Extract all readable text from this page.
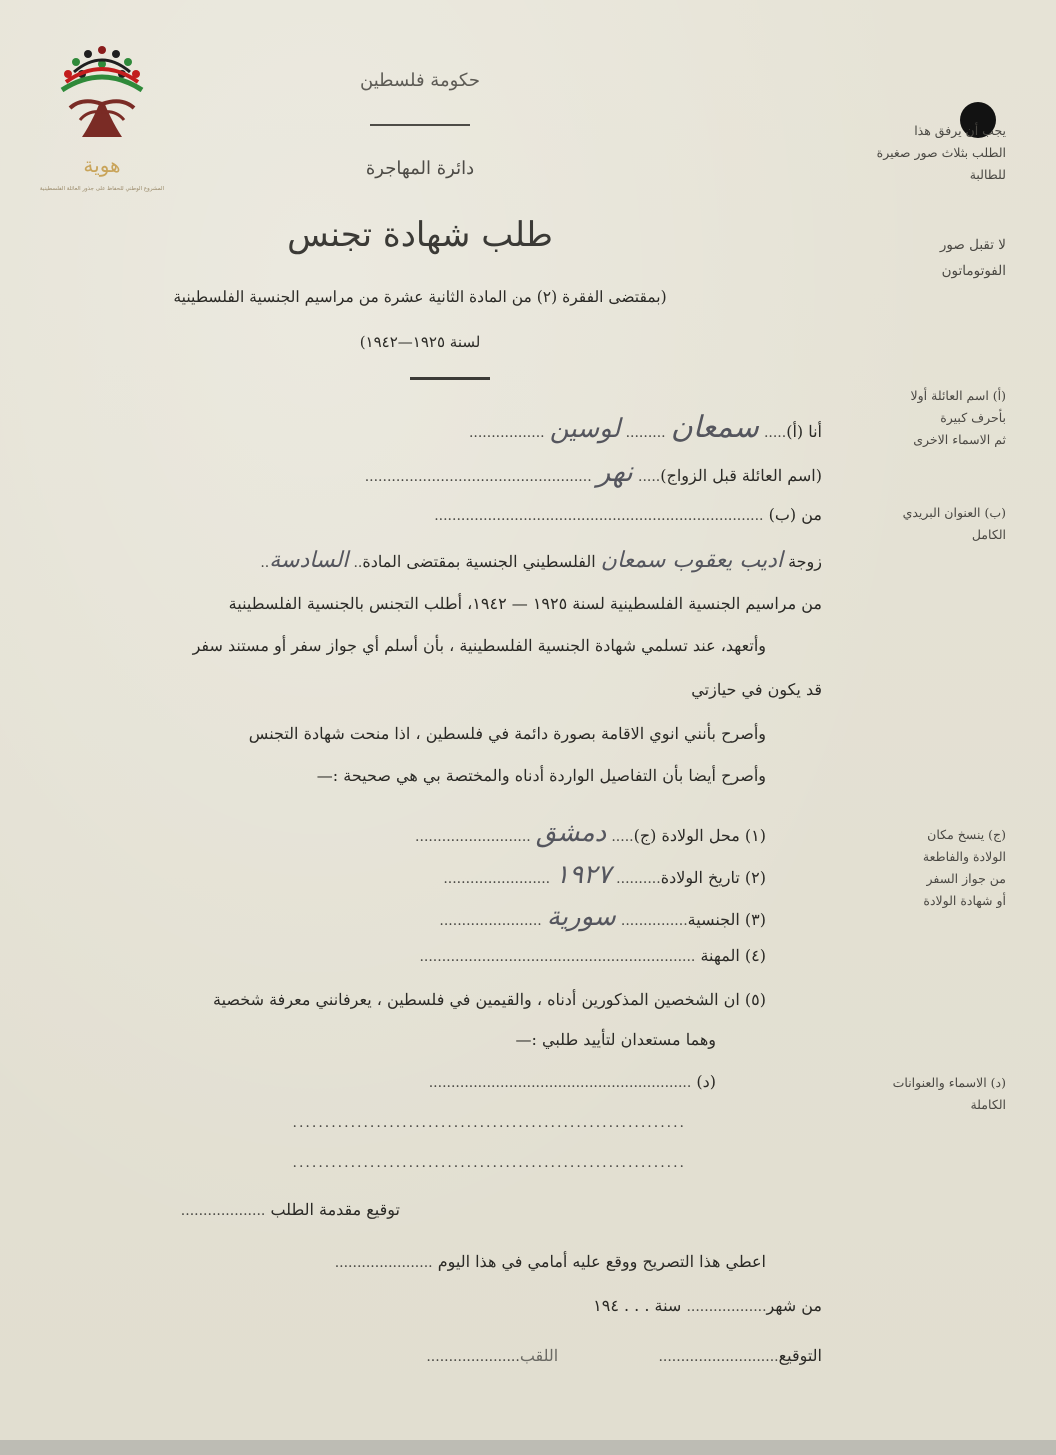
هوية
المشروع الوطني للحفاظ على جذور العائلة الفلسطينية
حكومة فلسطين
دائرة المهاجرة
طلب شهادة تجنس
(بمقتضى الفقرة (٢) من المادة الثانية عشرة من مراسيم الجنسية الفلسطينية
لسنة ١٩٢٥—١٩٤٢)
يجب أن يرفق هذا
الطلب بثلاث صور صغيرة
للطالبة
لا تقبل صور
الفوتوماتون
(أ) اسم العائلة أولا
بأحرف كبيرة
ثم الاسماء الاخرى
(ب) العنوان البريدي
الكامل
(ج) ينسخ مكان
الولادة والفاطعة
من جواز السفر
أو شهادة الولادة
(د) الاسماء والعنوانات
الكاملة
أنا (أ)..... سمعان ......... لوسين .................
(اسم العائلة قبل الزواج)..... نهر ...................................................
من (ب) ..........................................................................
زوجة اديب يعقوب سمعان الفلسطيني الجنسية بمقتضى المادة.. السادسة..
من مراسيم الجنسية الفلسطينية لسنة ١٩٢٥ — ١٩٤٢، أطلب التجنس بالجنسية الفلسطينية
وأتعهد، عند تسلمي شهادة الجنسية الفلسطينية ، بأن أسلم أي جواز سفر أو مستند سفر
قد يكون في حيازتي
وأصرح بأنني انوي الاقامة بصورة دائمة في فلسطين ، اذا منحت شهادة التجنس
وأصرح أيضا بأن التفاصيل الواردة أدناه والمختصة بي هي صحيحة :—
(١) محل الولادة (ج)..... دمشق ..........................
(٢) تاريخ الولادة.......... ١٩٢٧ ........................
(٣) الجنسية............... سورية .......................
(٤) المهنة ..............................................................
(٥) ان الشخصين المذكورين أدناه ، والقيمين في فلسطين ، يعرفانني معرفة شخصية
وهما مستعدان لتأييد طلبي :—
(د) ...........................................................
.............................................................
.............................................................
توقيع مقدمة الطلب ...................
اعطي هذا التصريح ووقع عليه أمامي في هذا اليوم ......................
من شهر.................. سنة . . . ١٩٤
التوقيع...........................  اللقب.....................
